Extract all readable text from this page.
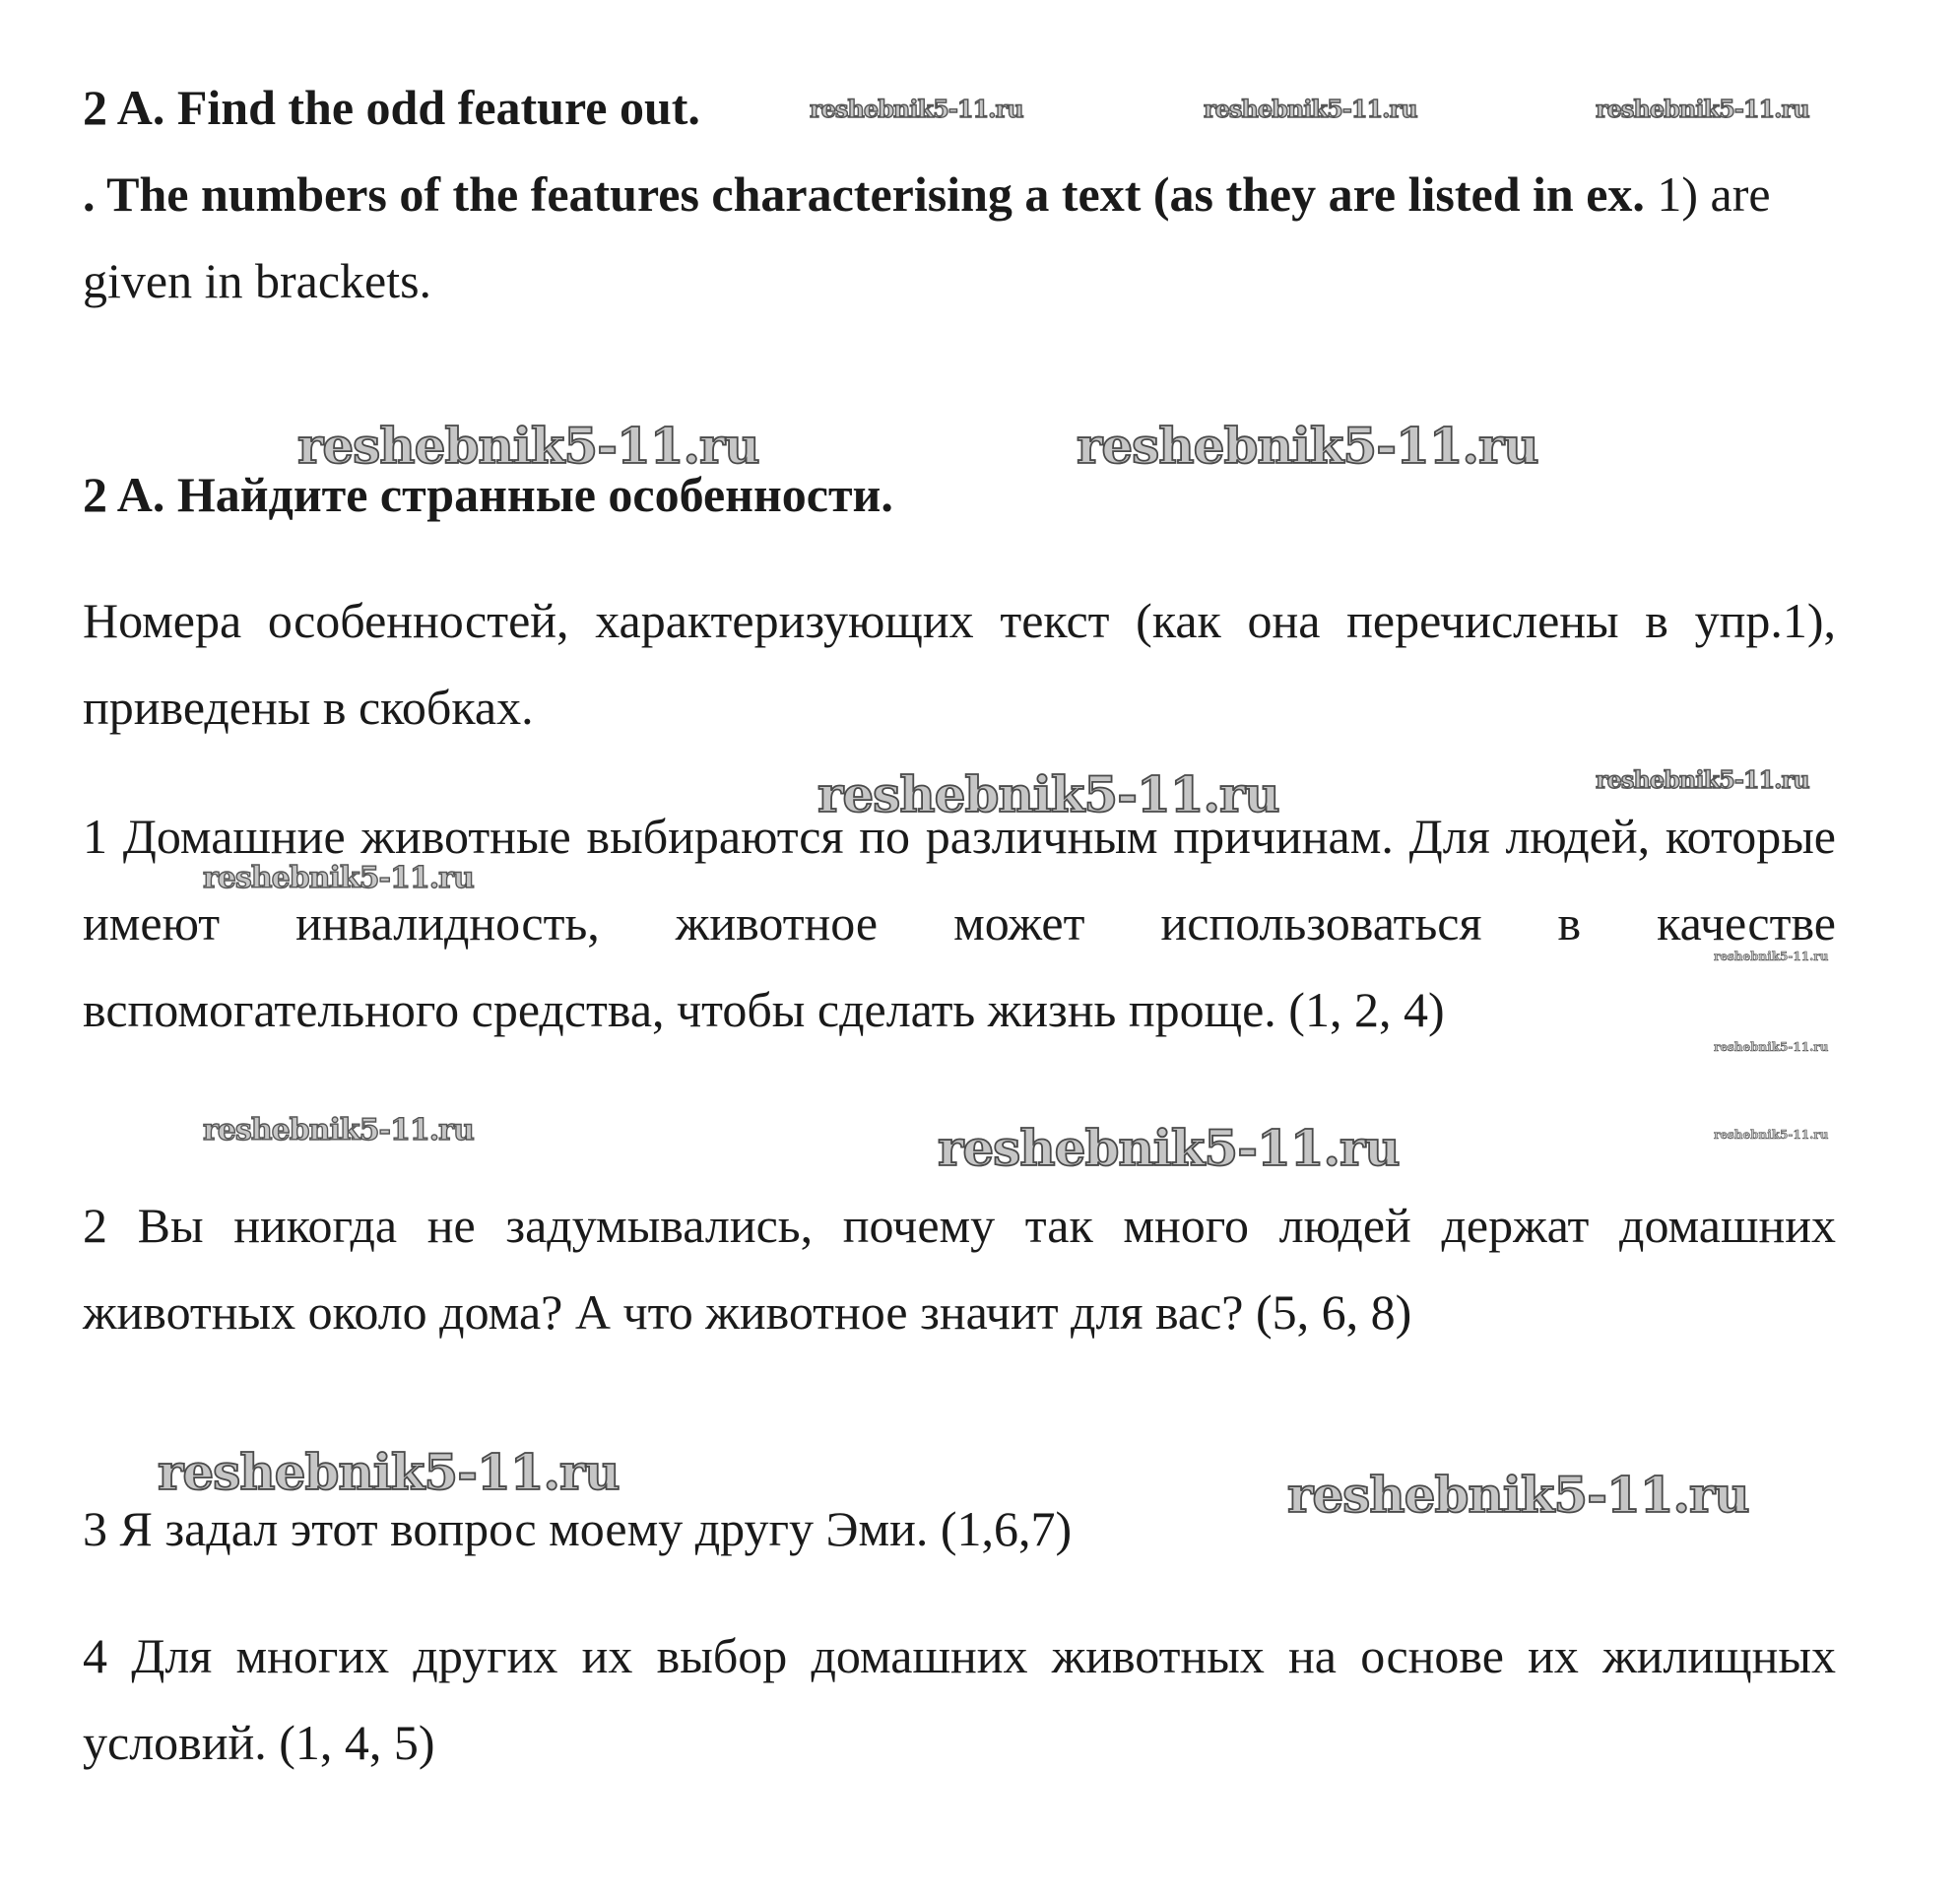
2 A. Find the odd feature out.
. The numbers of the features characterising a text (as they are listed in ex. 1) are given in brackets.
2 A. Найдите странные особенности.
Номера особенностей, характеризующих текст (как она перечислены в упр.1), приведены в скобках.
1 Домашние животные выбираются по различным причинам. Для людей, которые имеют инвалидность, животное может использоваться в качестве вспомогательного средства, чтобы сделать жизнь проще. (1, 2, 4)
2 Вы никогда не задумывались, почему так много людей держат домашних животных около дома? А что животное значит для вас? (5, 6, 8)
3 Я задал этот вопрос моему другу Эми. (1,6,7)
4 Для многих других их выбор домашних животных на основе их жилищных условий. (1, 4, 5)
reshebnik5-11.ru	reshebnik5-11.ru	reshebnik5-11.ru
reshebnik5-11.ru	reshebnik5-11.ru
reshebnik5-11.ru	reshebnik5-11.ru
reshebnik5-11.ru
reshebnik5-11.ru
reshebnik5-11.ru
reshebnik5-11.ru
reshebnik5-11.ru	reshebnik5-11.ru
reshebnik5-11.ru	reshebnik5-11.ru
